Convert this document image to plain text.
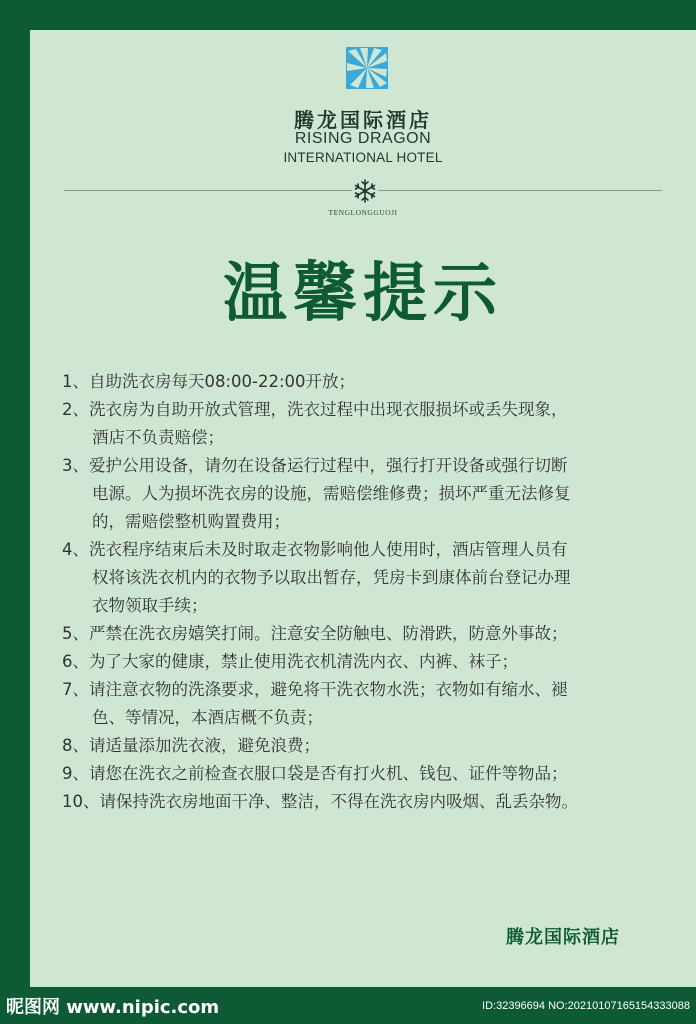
腾龙国际酒店
RISING DRAGON
INTERNATIONAL HOTEL
TENGLONGGUOJI
温馨提示
1、自助洗衣房每天08:00-22:00开放；
2、洗衣房为自助开放式管理，洗衣过程中出现衣服损坏或丢失现象，
酒店不负责赔偿；
3、爱护公用设备，请勿在设备运行过程中，强行打开设备或强行切断
电源。人为损坏洗衣房的设施，需赔偿维修费；损坏严重无法修复
的，需赔偿整机购置费用；
4、洗衣程序结束后未及时取走衣物影响他人使用时，酒店管理人员有
权将该洗衣机内的衣物予以取出暂存，凭房卡到康体前台登记办理
衣物领取手续；
5、严禁在洗衣房嬉笑打闹。注意安全防触电、防滑跌，防意外事故；
6、为了大家的健康，禁止使用洗衣机清洗内衣、内裤、袜子；
7、请注意衣物的洗涤要求，避免将干洗衣物水洗；衣物如有缩水、褪
色、等情况，本酒店概不负责；
8、请适量添加洗衣液，避免浪费；
9、请您在洗衣之前检查衣服口袋是否有打火机、钱包、证件等物品；
10、请保持洗衣房地面干净、整洁，不得在洗衣房内吸烟、乱丢杂物。
腾龙国际酒店
昵图网 www.nipic.com	ID:32396694 NO:20210107165154333088
